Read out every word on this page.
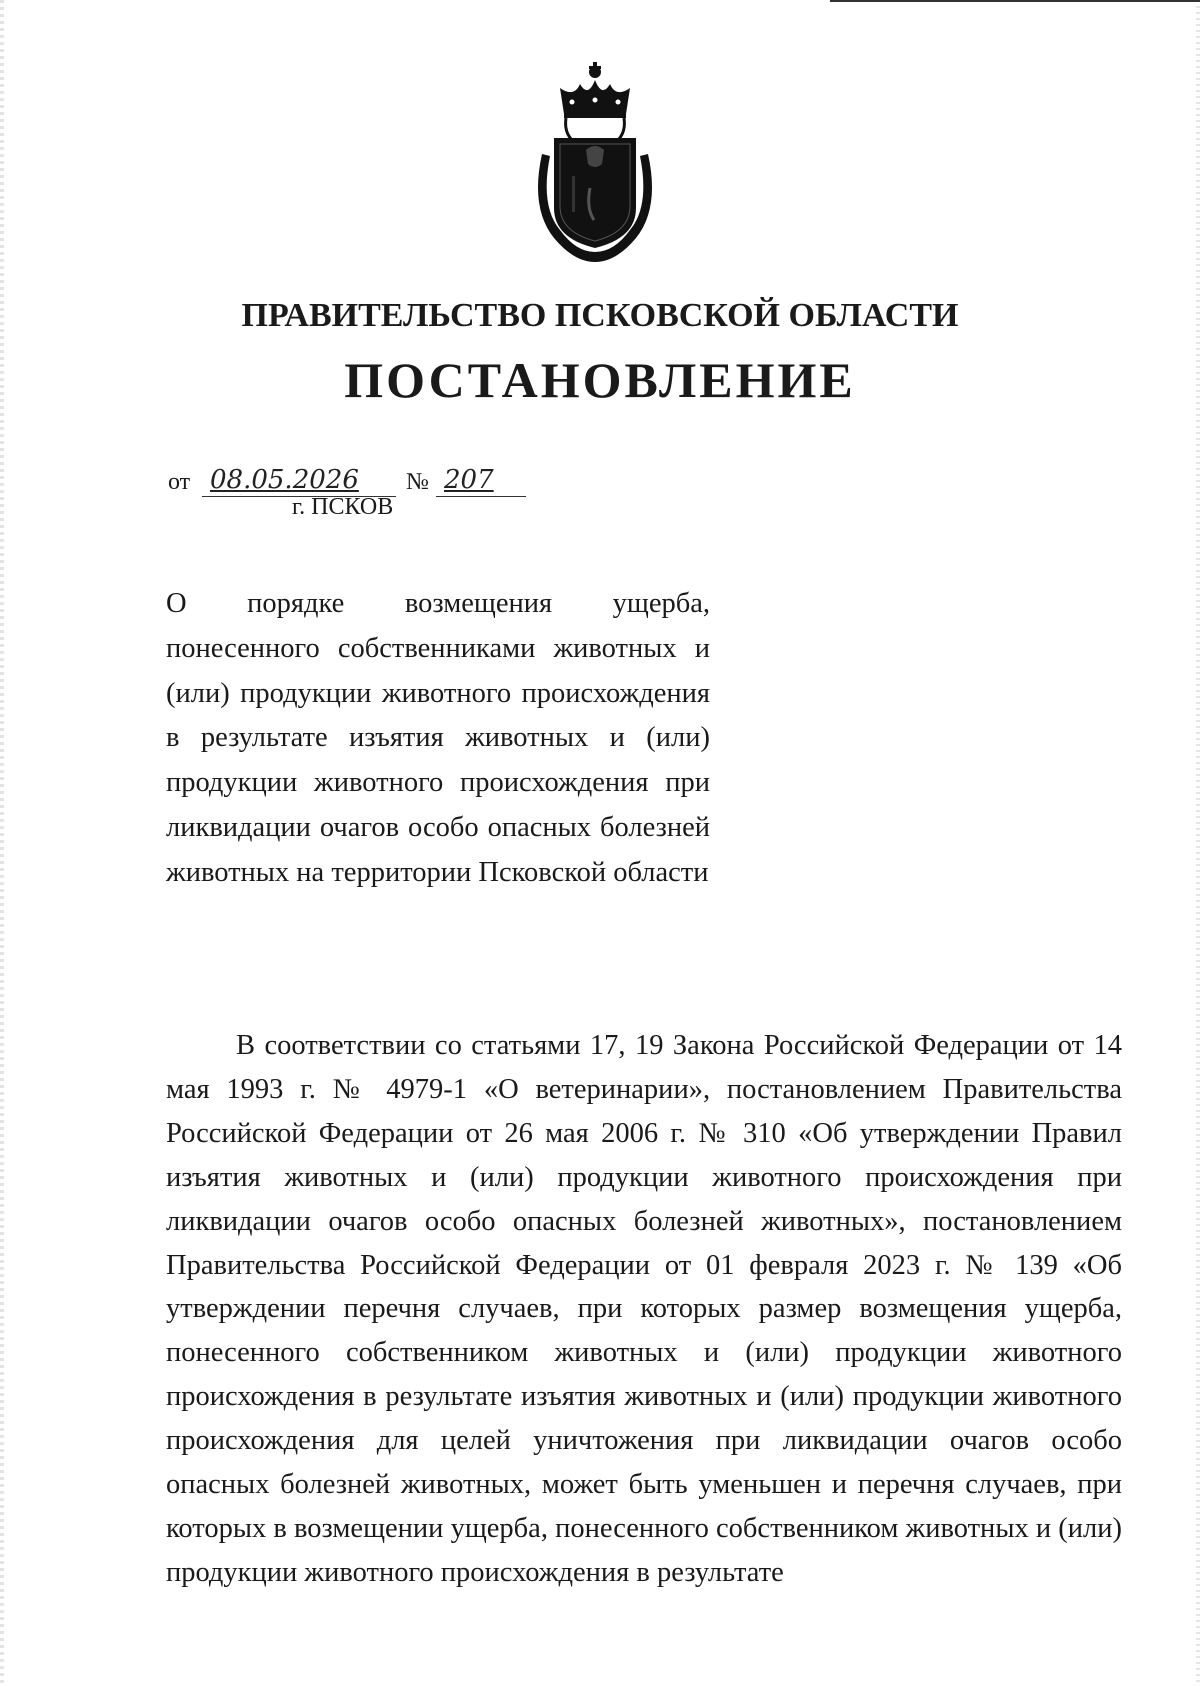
ПРАВИТЕЛЬСТВО ПСКОВСКОЙ ОБЛАСТИ
ПОСТАНОВЛЕНИЕ
от 08.05.2026	№ 207
г. ПСКОВ

О порядке возмещения ущерба, понесенного собственниками животных и (или) продукции животного происхождения в результате изъятия животных и (или) продукции животного происхождения при ликвидации очагов особо опасных болезней животных на территории Псковской области

В соответствии со статьями 17, 19 Закона Российской Федерации от 14 мая 1993 г. № 4979-1 «О ветеринарии», постановлением Правительства Российской Федерации от 26 мая 2006 г. № 310 «Об утверждении Правил изъятия животных и (или) продукции животного происхождения при ликвидации очагов особо опасных болезней животных», постановлением Правительства Российской Федерации от 01 февраля 2023 г. № 139 «Об утверждении перечня случаев, при которых размер возмещения ущерба, понесенного собственником животных и (или) продукции животного происхождения в результате изъятия животных и (или) продукции животного происхождения для целей уничтожения при ликвидации очагов особо опасных болезней животных, может быть уменьшен и перечня случаев, при которых в возмещении ущерба, понесенного собственником животных и (или) продукции животного происхождения в результате
